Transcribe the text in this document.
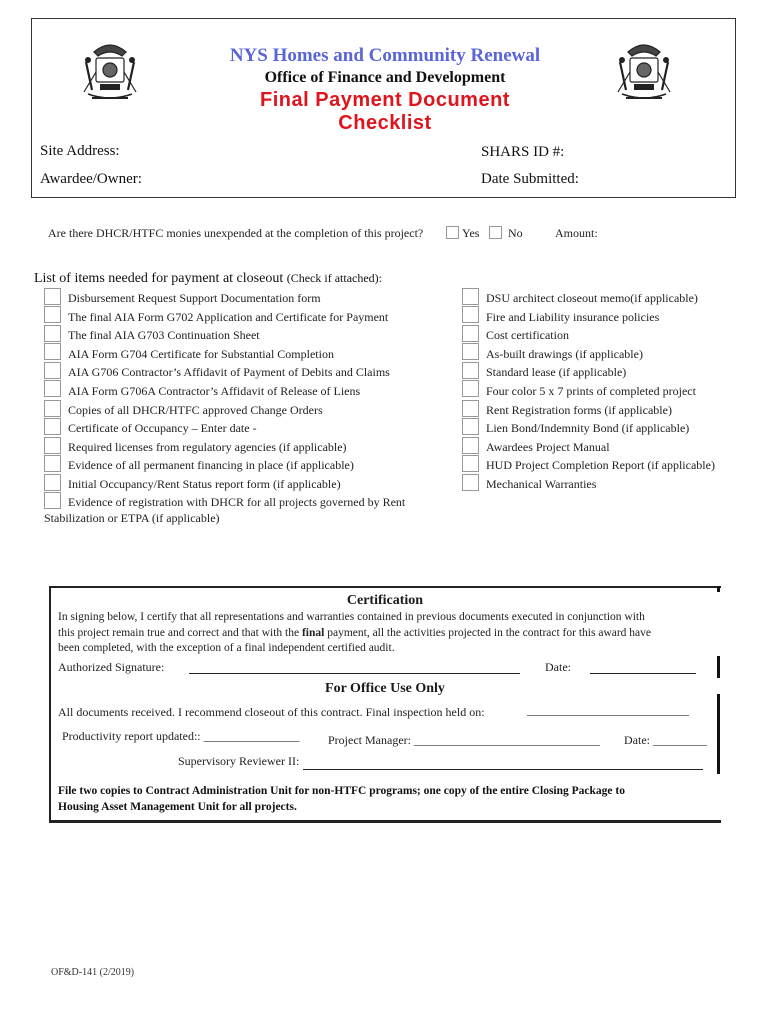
NYS Homes and Community Renewal
Office of Finance and Development
Final Payment Document
Checklist
Site Address:	SHARS ID #:
Awardee/Owner:	Date Submitted:
Are there DHCR/HTFC monies unexpended at the completion of this project?	Yes No	Amount:
List of items needed for payment at closeout (Check if attached):
Disbursement Request Support Documentation form
The final AIA Form G702 Application and Certificate for Payment
The final AIA G703 Continuation Sheet
AIA Form G704 Certificate for Substantial Completion
AIA G706 Contractor’s Affidavit of Payment of Debits and Claims
AIA Form G706A Contractor’s Affidavit of Release of Liens
Copies of all DHCR/HTFC approved Change Orders
Certificate of Occupancy – Enter date -
Required licenses from regulatory agencies (if applicable)
Evidence of all permanent financing in place (if applicable)
Initial Occupancy/Rent Status report form (if applicable)
Evidence of registration with DHCR for all projects governed by Rent
Stabilization or ETPA (if applicable)
DSU architect closeout memo(if applicable)
Fire and Liability insurance policies
Cost certification
As-built drawings (if applicable)
Standard lease (if applicable)
Four color 5 x 7 prints of completed project
Rent Registration forms (if applicable)
Lien Bond/Indemnity Bond (if applicable)
Awardees Project Manual
HUD Project Completion Report (if applicable)
Mechanical Warranties
Certification
In signing below, I certify that all representations and warranties contained in previous documents executed in conjunction with
this project remain true and correct and that with the final payment, all the activities projected in the contract for this award have
been completed, with the exception of a final independent certified audit.
Authorized Signature:	Date:
For Office Use Only
All documents received. I recommend closeout of this contract. Final inspection held on:	___________________________
Productivity report updated:: ________________ Project Manager: _______________________________ Date: _________
Supervisory Reviewer II:
File two copies to Contract Administration Unit for non-HTFC programs; one copy of the entire Closing Package to
Housing Asset Management Unit for all projects.
OF&D-141 (2/2019)
